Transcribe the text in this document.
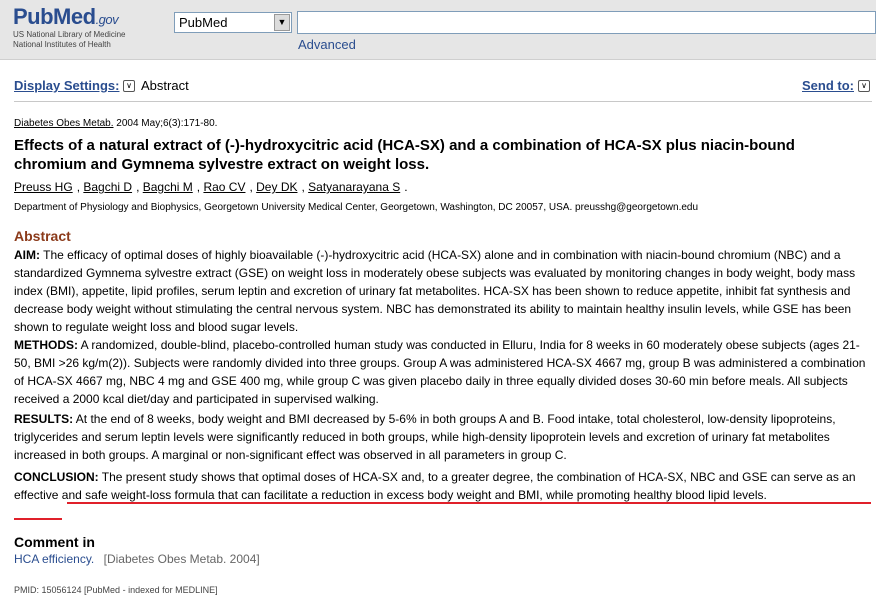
PubMed.gov
US National Library of Medicine
National Institutes of Health
PubMed	▼
Advanced
Display Settings: ∨ Abstract	Send to: ∨
Diabetes Obes Metab. 2004 May;6(3):171-80.
Effects of a natural extract of (-)-hydroxycitric acid (HCA-SX) and a combination of HCA-SX plus niacin-bound chromium and Gymnema sylvestre extract on weight loss.
Preuss HG , Bagchi D , Bagchi M , Rao CV , Dey DK , Satyanarayana S .
Department of Physiology and Biophysics, Georgetown University Medical Center, Georgetown, Washington, DC 20057, USA. preusshg@georgetown.edu
Abstract
AIM: The efficacy of optimal doses of highly bioavailable (-)-hydroxycitric acid (HCA-SX) alone and in combination with niacin-bound chromium (NBC) and a standardized Gymnema sylvestre extract (GSE) on weight loss in moderately obese subjects was evaluated by monitoring changes in body weight, body mass index (BMI), appetite, lipid profiles, serum leptin and excretion of urinary fat metabolites. HCA-SX has been shown to reduce appetite, inhibit fat synthesis and decrease body weight without stimulating the central nervous system. NBC has demonstrated its ability to maintain healthy insulin levels, while GSE has been shown to regulate weight loss and blood sugar levels.
METHODS: A randomized, double-blind, placebo-controlled human study was conducted in Elluru, India for 8 weeks in 60 moderately obese subjects (ages 21-50, BMI >26 kg/m(2)). Subjects were randomly divided into three groups. Group A was administered HCA-SX 4667 mg, group B was administered a combination of HCA-SX 4667 mg, NBC 4 mg and GSE 400 mg, while group C was given placebo daily in three equally divided doses 30-60 min before meals. All subjects received a 2000 kcal diet/day and participated in supervised walking.
RESULTS: At the end of 8 weeks, body weight and BMI decreased by 5-6% in both groups A and B. Food intake, total cholesterol, low-density lipoproteins, triglycerides and serum leptin levels were significantly reduced in both groups, while high-density lipoprotein levels and excretion of urinary fat metabolites increased in both groups. A marginal or non-significant effect was observed in all parameters in group C.
CONCLUSION: The present study shows that optimal doses of HCA-SX and, to a greater degree, the combination of HCA-SX, NBC and GSE can serve as an effective and safe weight-loss formula that can facilitate a reduction in excess body weight and BMI, while promoting healthy blood lipid levels.
Comment in
HCA efficiency. [Diabetes Obes Metab. 2004]
PMID: 15056124 [PubMed - indexed for MEDLINE]
